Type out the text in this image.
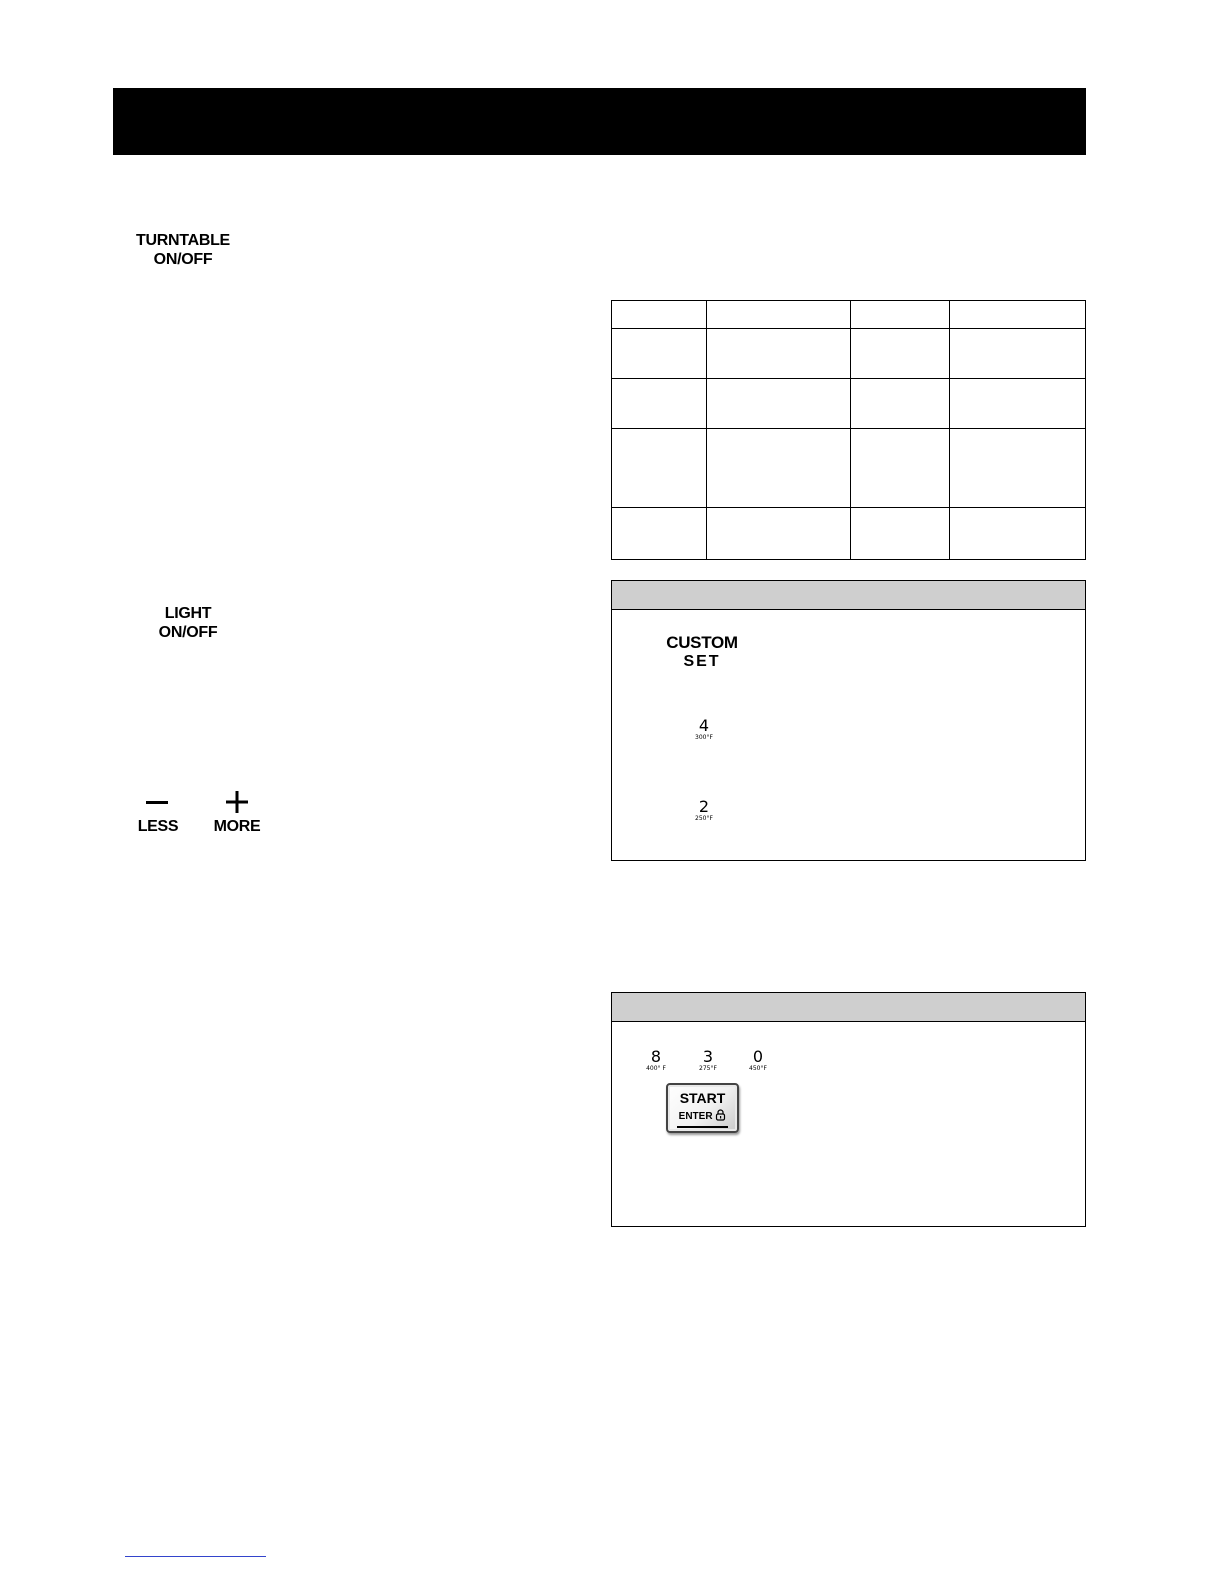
TURNTABLE
ON/OFF

LIGHT
ON/OFF
LESS	MORE
CUSTOM
SET
4
300°F
2
250°F
8
400° F
3
275°F
0
450°F
START
ENTER
